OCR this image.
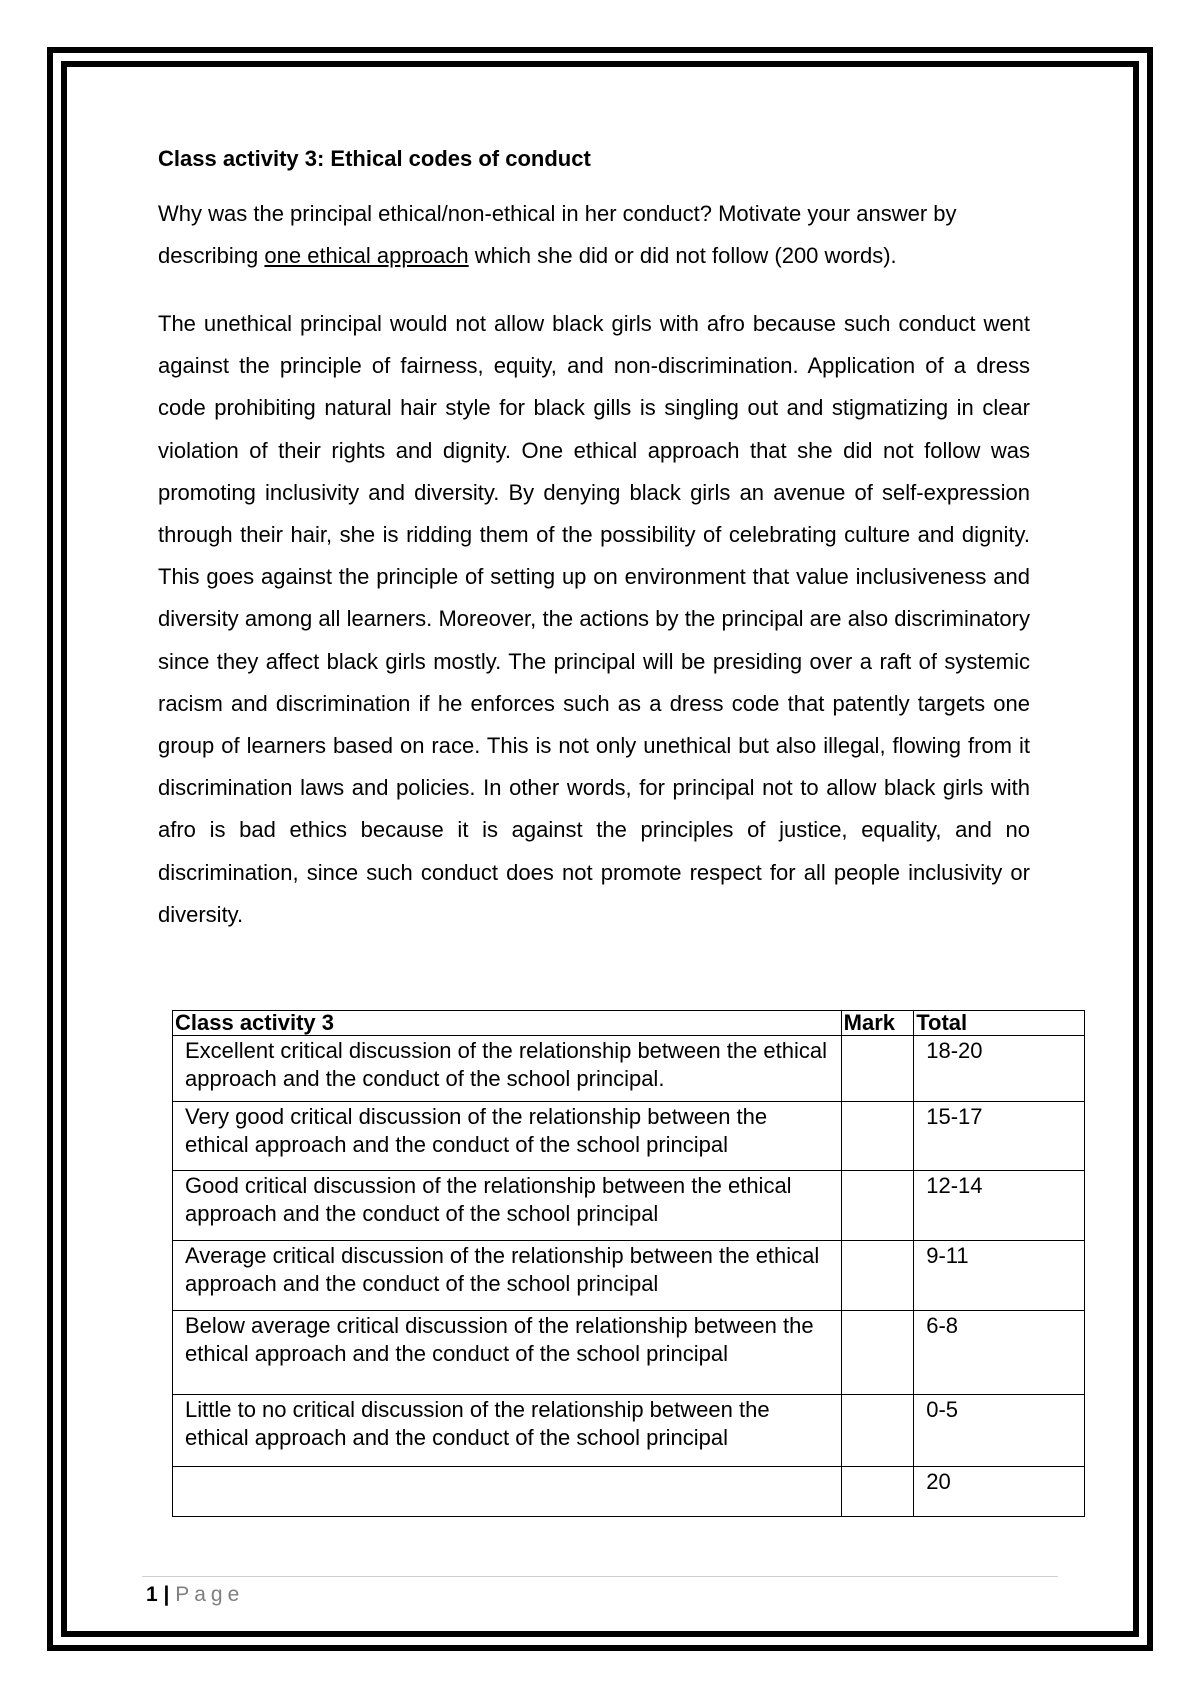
Class activity 3: Ethical codes of conduct

Why was the principal ethical/non-ethical in her conduct? Motivate your answer by describing one ethical approach which she did or did not follow (200 words).

The unethical principal would not allow black girls with afro because such conduct went against the principle of fairness, equity, and non-discrimination. Application of a dress code prohibiting natural hair style for black gills is singling out and stigmatizing in clear violation of their rights and dignity. One ethical approach that she did not follow was promoting inclusivity and diversity. By denying black girls an avenue of self-expression through their hair, she is ridding them of the possibility of celebrating culture and dignity. This goes against the principle of setting up on environment that value inclusiveness and diversity among all learners. Moreover, the actions by the principal are also discriminatory since they affect black girls mostly. The principal will be presiding over a raft of systemic racism and discrimination if he enforces such as a dress code that patently targets one group of learners based on race. This is not only unethical but also illegal, flowing from it discrimination laws and policies. In other words, for principal not to allow black girls with afro is bad ethics because it is against the principles of justice, equality, and no discrimination, since such conduct does not promote respect for all people inclusivity or diversity.

Class activity 3	Mark	Total
Excellent critical discussion of the relationship between the ethical approach and the conduct of the school principal.		18-20
Very good critical discussion of the relationship between the ethical approach and the conduct of the school principal		15-17
Good critical discussion of the relationship between the ethical approach and the conduct of the school principal		12-14
Average critical discussion of the relationship between the ethical approach and the conduct of the school principal		9-11
Below average critical discussion of the relationship between the ethical approach and the conduct of the school principal		6-8
Little to no critical discussion of the relationship between the ethical approach and the conduct of the school principal		0-5
		20
1 | Page
